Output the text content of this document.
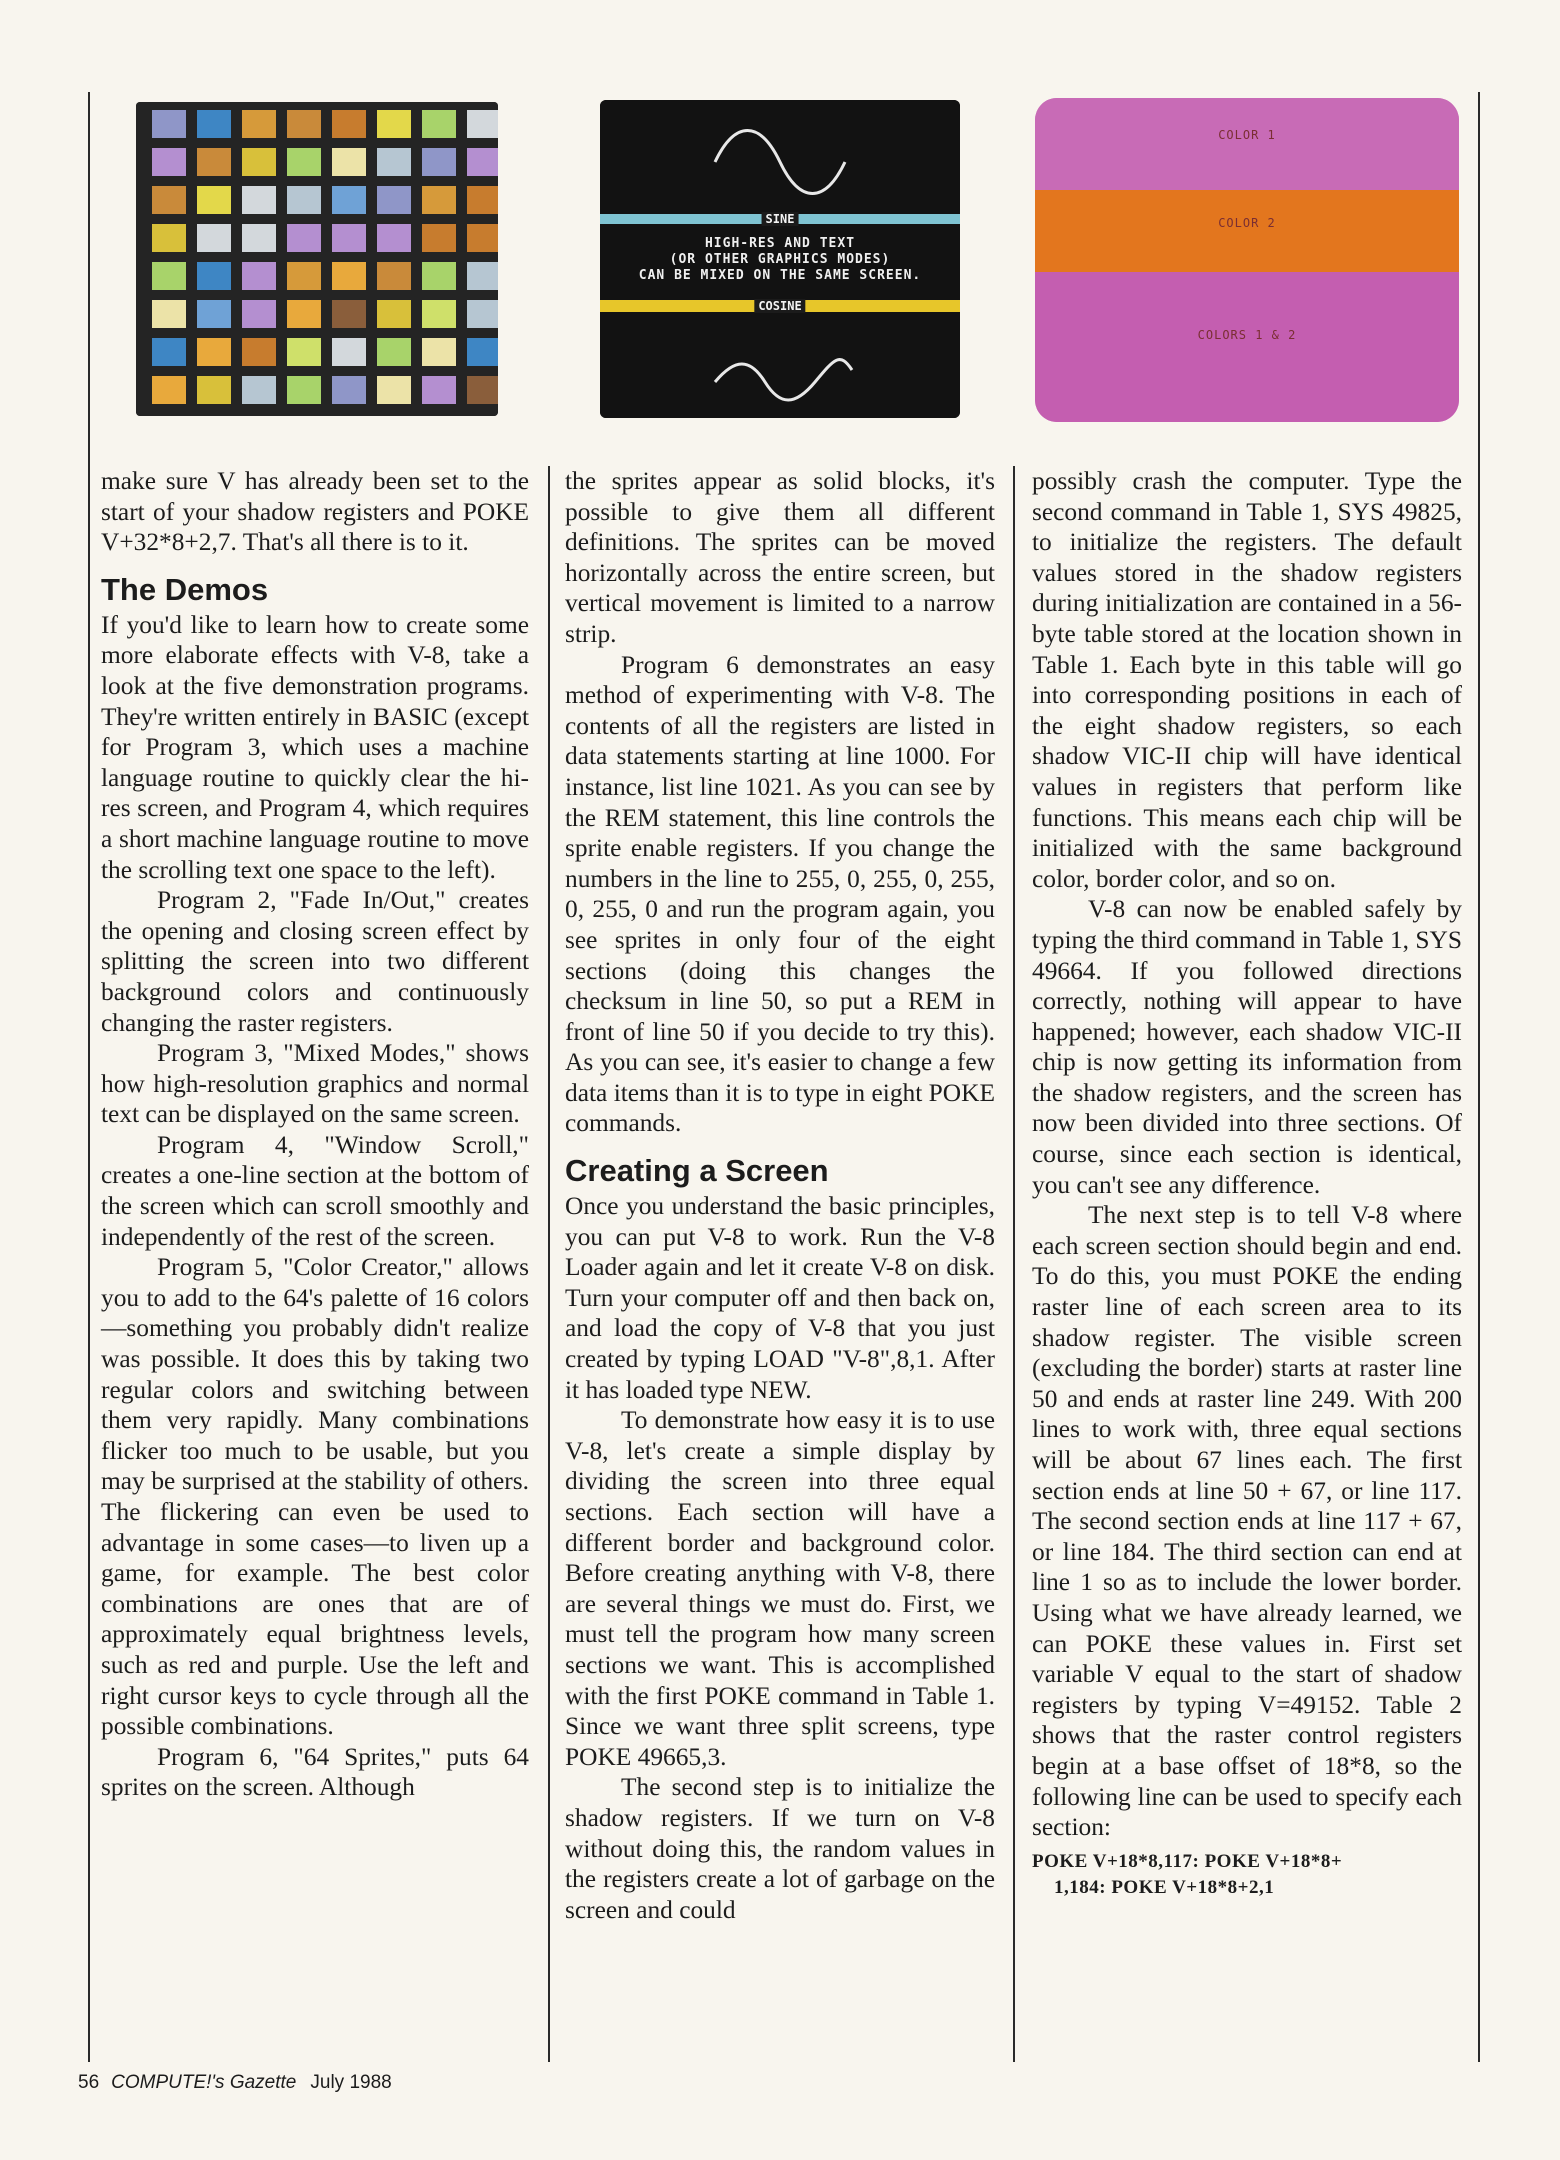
SINE
HIGH-RES AND TEXT
(OR OTHER GRAPHICS MODES)
CAN BE MIXED ON THE SAME SCREEN.
COSINE
COLOR 1
COLOR 2
COLORS 1 & 2

make sure V has already been set to the start of your shadow registers and POKE V+32*8+2,7. That's all there is to it.

The Demos

If you'd like to learn how to create some more elaborate effects with V-8, take a look at the five demonstration programs. They're written entirely in BASIC (except for Program 3, which uses a machine language routine to quickly clear the hi-res screen, and Program 4, which requires a short machine language routine to move the scrolling text one space to the left).

Program 2, "Fade In/Out," creates the opening and closing screen effect by splitting the screen into two different background colors and continuously changing the raster registers.

Program 3, "Mixed Modes," shows how high-resolution graphics and normal text can be displayed on the same screen.

Program 4, "Window Scroll," creates a one-line section at the bottom of the screen which can scroll smoothly and independently of the rest of the screen.

Program 5, "Color Creator," allows you to add to the 64's palette of 16 colors—something you probably didn't realize was possible. It does this by taking two regular colors and switching between them very rapidly. Many combinations flicker too much to be usable, but you may be surprised at the stability of others. The flickering can even be used to advantage in some cases—to liven up a game, for example. The best color combinations are ones that are of approximately equal brightness levels, such as red and purple. Use the left and right cursor keys to cycle through all the possible combinations.

Program 6, "64 Sprites," puts 64 sprites on the screen. Although

the sprites appear as solid blocks, it's possible to give them all different definitions. The sprites can be moved horizontally across the entire screen, but vertical movement is limited to a narrow strip.

Program 6 demonstrates an easy method of experimenting with V-8. The contents of all the registers are listed in data statements starting at line 1000. For instance, list line 1021. As you can see by the REM statement, this line controls the sprite enable registers. If you change the numbers in the line to 255, 0, 255, 0, 255, 0, 255, 0 and run the program again, you see sprites in only four of the eight sections (doing this changes the checksum in line 50, so put a REM in front of line 50 if you decide to try this). As you can see, it's easier to change a few data items than it is to type in eight POKE commands.

Creating a Screen

Once you understand the basic principles, you can put V-8 to work. Run the V-8 Loader again and let it create V-8 on disk. Turn your computer off and then back on, and load the copy of V-8 that you just created by typing LOAD "V-8",8,1. After it has loaded type NEW.

To demonstrate how easy it is to use V-8, let's create a simple display by dividing the screen into three equal sections. Each section will have a different border and background color. Before creating anything with V-8, there are several things we must do. First, we must tell the program how many screen sections we want. This is accomplished with the first POKE command in Table 1. Since we want three split screens, type POKE 49665,3.

The second step is to initialize the shadow registers. If we turn on V-8 without doing this, the random values in the registers create a lot of garbage on the screen and could

possibly crash the computer. Type the second command in Table 1, SYS 49825, to initialize the registers. The default values stored in the shadow registers during initialization are contained in a 56-byte table stored at the location shown in Table 1. Each byte in this table will go into corresponding positions in each of the eight shadow registers, so each shadow VIC-II chip will have identical values in registers that perform like functions. This means each chip will be initialized with the same background color, border color, and so on.

V-8 can now be enabled safely by typing the third command in Table 1, SYS 49664. If you followed directions correctly, nothing will appear to have happened; however, each shadow VIC-II chip is now getting its information from the shadow registers, and the screen has now been divided into three sections. Of course, since each section is identical, you can't see any difference.

The next step is to tell V-8 where each screen section should begin and end. To do this, you must POKE the ending raster line of each screen area to its shadow register. The visible screen (excluding the border) starts at raster line 50 and ends at raster line 249. With 200 lines to work with, three equal sections will be about 67 lines each. The first section ends at line 50 + 67, or line 117. The second section ends at line 117 + 67, or line 184. The third section can end at line 1 so as to include the lower border. Using what we have already learned, we can POKE these values in. First set variable V equal to the start of shadow registers by typing V=49152. Table 2 shows that the raster control registers begin at a base offset of 18*8, so the following line can be used to specify each section:

POKE V+18*8,117: POKE V+18*8+
1,184: POKE V+18*8+2,1
56 COMPUTE!'s Gazette July 1988
